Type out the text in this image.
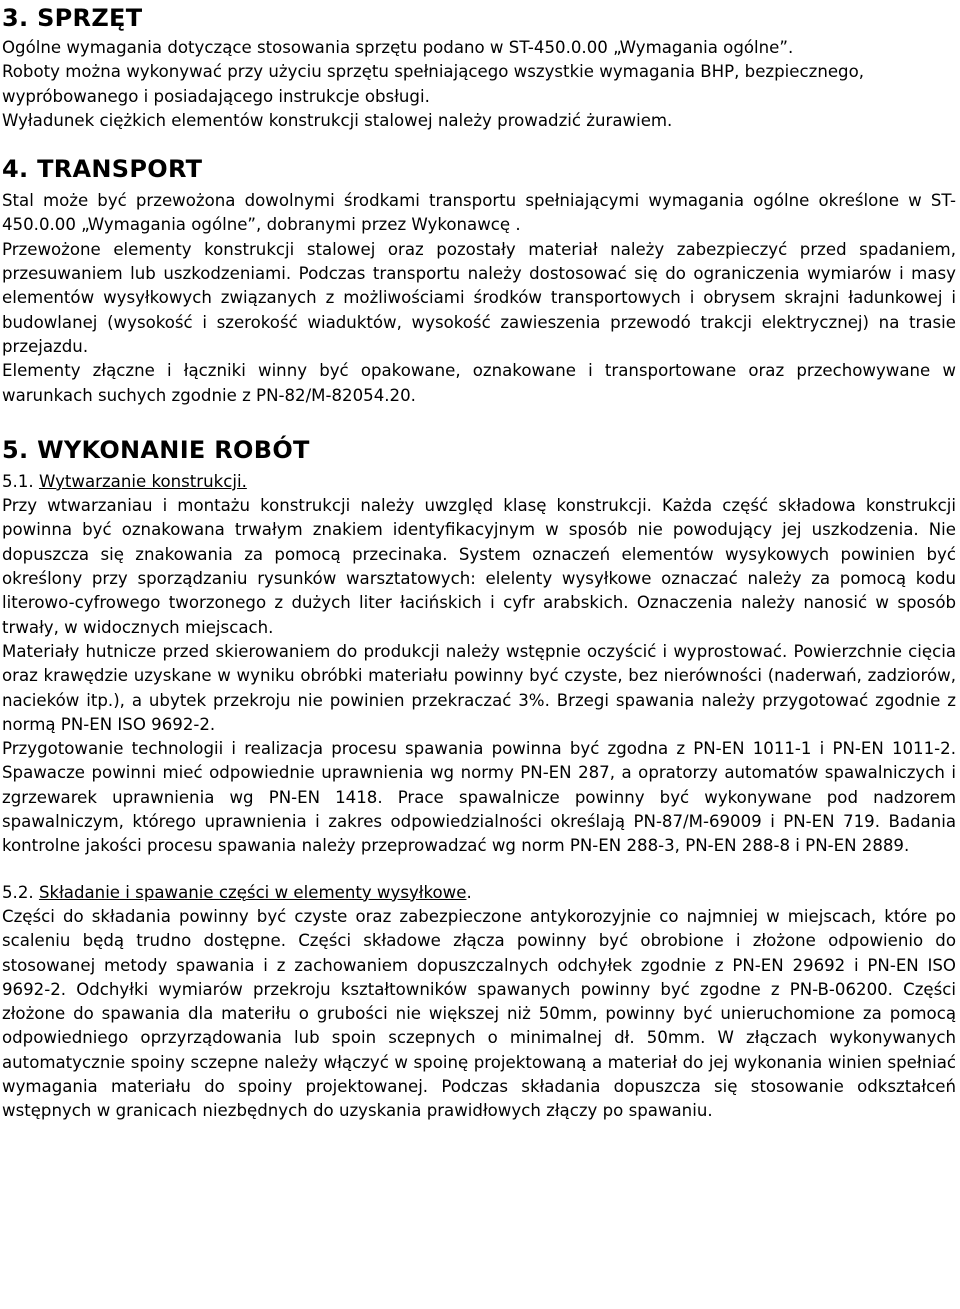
3. SPRZĘT

Ogólne wymagania dotyczące stosowania sprzętu podano w ST-450.0.00 „Wymagania ogólne”.

Roboty można wykonywać przy użyciu sprzętu spełniającego wszystkie wymagania BHP, bezpiecznego, wypróbowanego i posiadającego instrukcje obsługi.

Wyładunek ciężkich elementów konstrukcji stalowej należy prowadzić żurawiem.

4. TRANSPORT

Stal może być przewożona dowolnymi środkami transportu spełniającymi wymagania ogólne określone w ST-450.0.00 „Wymagania ogólne”, dobranymi przez Wykonawcę .

Przewożone elementy konstrukcji stalowej oraz pozostały materiał należy zabezpieczyć przed spadaniem, przesuwaniem lub uszkodzeniami. Podczas transportu należy dostosować się do ograniczenia wymiarów i masy elementów wysyłkowych związanych z możliwościami środków transportowych i obrysem skrajni ładunkowej i budowlanej (wysokość i szerokość wiaduktów, wysokość zawieszenia przewodó trakcji elektrycznej) na trasie przejazdu.

Elementy złączne i łączniki winny być opakowane, oznakowane i transportowane oraz przechowywane w warunkach suchych zgodnie z PN-82/M-82054.20.

5. WYKONANIE ROBÓT
5.1. Wytwarzanie konstrukcji.

Przy wtwarzaniau i montażu konstrukcji należy uwzględ klasę konstrukcji. Każda część składowa konstrukcji powinna być oznakowana trwałym znakiem identyfikacyjnym w sposób nie powodujący jej uszkodzenia. Nie dopuszcza się znakowania za pomocą przecinaka. System oznaczeń elementów wysykowych powinien być określony przy sporządzaniu rysunków warsztatowych: elelenty wysyłkowe oznaczać należy za pomocą kodu literowo-cyfrowego tworzonego z dużych liter łacińskich i cyfr arabskich. Oznaczenia należy nanosić w sposób trwały, w widocznych miejscach.

Materiały hutnicze przed skierowaniem do produkcji należy wstępnie oczyścić i wyprostować. Powierzchnie cięcia oraz krawędzie uzyskane w wyniku obróbki materiału powinny być czyste, bez nierówności (naderwań, zadziorów, nacieków itp.), a ubytek przekroju nie powinien przekraczać 3%. Brzegi spawania należy przygotować zgodnie z normą PN-EN ISO 9692-2.

Przygotowanie technologii i realizacja procesu spawania powinna być zgodna z PN-EN 1011-1 i PN-EN 1011-2. Spawacze powinni mieć odpowiednie uprawnienia wg normy PN-EN 287, a opratorzy automatów spawalniczych i zgrzewarek uprawnienia wg PN-EN 1418. Prace spawalnicze powinny być wykonywane pod nadzorem spawalniczym, którego uprawnienia i zakres odpowiedzialności określają PN-87/M-69009 i PN-EN 719. Badania kontrolne jakości procesu spawania należy przeprowadzać wg norm PN-EN 288-3, PN-EN 288-8 i PN-EN 2889.

5.2. Składanie i spawanie części w elementy wysyłkowe.

Części do składania powinny być czyste oraz zabezpieczone antykorozyjnie co najmniej w miejscach, które po scaleniu będą trudno dostępne. Części składowe złącza powinny być obrobione i złożone odpowienio do stosowanej metody spawania i z zachowaniem dopuszczalnych odchyłek zgodnie z PN-EN 29692 i PN-EN ISO 9692-2. Odchyłki wymiarów przekroju kształtowników spawanych powinny być zgodne z PN-B-06200. Części złożone do spawania dla materiłu o grubości nie większej niż 50mm, powinny być unieruchomione za pomocą odpowiedniego oprzyrządowania lub spoin sczepnych o minimalnej dł. 50mm. W złączach wykonywanych automatycznie spoiny sczepne należy włączyć w spoinę projektowaną a materiał do jej wykonania winien spełniać wymagania materiału do spoiny projektowanej. Podczas składania dopuszcza się stosowanie odkształceń wstępnych w granicach niezbędnych do uzyskania prawidłowych złączy po spawaniu.
